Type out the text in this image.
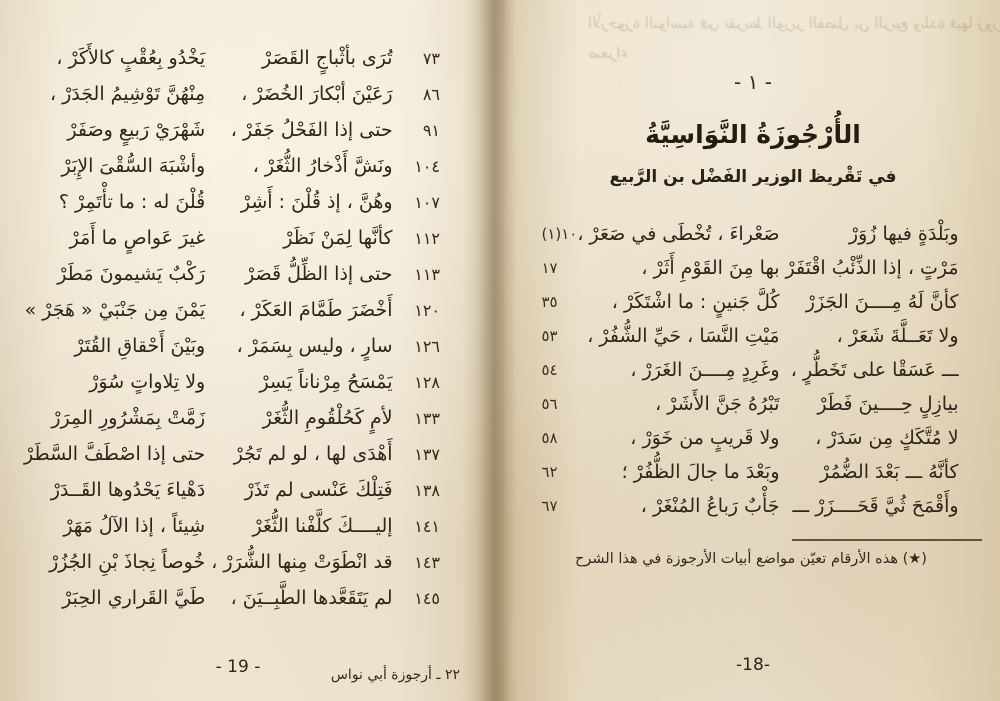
الأرجوزة النواسية في تقريظ الوزير الفضل بن الربيع وبلدة فيها زور صعراء
٧٣	تُرَى بأثْباجٍ القَصَرْ	يَخْدُو بِعُقْبٍ كالأَكَرْ ،
٨٦	رَعَيْنَ أبْكارَ الخُضَرْ ،	مِنْهُنَّ تَوْشِيمُ الجَدَرْ ،
٩١	حتى إذا الفَحْلُ جَفَرْ ،	شَهْرَيْ رَبيعٍ وصَفَرْ
١٠٤	ونَشَّ أَذْخارُ الثُّغَرْ ،	وأشْبَهَ السُّقْىَ الإِبَرْ
١٠٧	وهُنَّ ، إذ قُلْنَ : أَشِرْ	قُلْنَ له : ما تأْتَمِرْ ؟
١١٢	كأنَّها لِمَنْ نَظَرْ	غيرَ عَواصٍ ما أَمَرْ
١١٣	حتى إذا الظِّلُّ قَصَرْ	رَكْبٌ يَشيمونَ مَطَرْ
١٢٠	أَخْضَرَ طَمَّامَ العَكَرْ ،	يَمْنَ مِن جَنْبَيْ « هَجَرْ »
١٢٦	سارٍ ، وليس بِسَمَرْ ،	وبَيْنَ أَحْقاقِ القُتَرْ
١٢٨	يَمْسَحُ مِرْناناً يَسِرْ	ولا تِلاواتٍ سُوَرْ
١٣٣	لأمٍ كَحُلْقُومِ الثُّغَرْ	زَمَّتْ بِمَشْرُورِ المِرَرْ
١٣٧	أَهْدَى لها ، لو لم تَجُرْ	حتى إذا اصْطَفَّ السَّطَرْ
١٣٨	فَتِلْكَ عَنْسى لم تَذَرْ	دَهْياءَ يَحْدُوها القَــدَرْ
١٤١	إليــــكَ كلَّفْنا الثُّغَرْ	شِيئاً ، إذا الآلُ مَهَرْ
١٤٣	قد انْطَوَتْ مِنها الشُّرَرْ ،	خُوصاً نِجاذَ بْنِ الجُزُرْ
١٤٥	لم يَتَقَعَّدها الطَّبِــيَنَ ،	طَيَّ القَراري الحِبَرْ
- 19 -	٢٢ ـ أرجوزة أبي نواس
- ١ -
الأُرْجُوزَةُ النَّوَاسِيَّةُ
في تَقْريظ الوزير الفَضْل بن الرَّبيع
وبَلْدَةٍ فيها زُوَرْ	صَعْراءَ ، تُخْطَى في صَعَرْ ،	١٠(١)
مَرْتٍ ، إذا الذِّئْبُ اقْتَفَرْ	بها مِنَ القَوْمِ أَثَرْ ،	١٧
كأنَّ لَهُ مِــــنَ الجَزَرْ	كُلَّ جَنينٍ : ما اشْتَكَرْ ،	٣٥
ولا تَعَــلَّةَ شَعَرْ ،	مَيْتِ النَّسَا ، حَيِّ الشُّفُرْ ،	٥٣
ـــ عَسَقْا على تَخَطُّرٍ ،	وغَرِدٍ مِــــنَ الغَرَرْ ،	٥٤
بيازِلٍ حِــــينَ فَطَرْ	تَبْرُهُ جَنَّ الأَشَرْ ،	٥٦
لا مُتَّكَكٍ مِن سَدَرْ ،	ولا قَريبٍ من خَوَرْ ،	٥٨
كأنَّهُ ـــ بَعْدَ الضُّمُرْ	وبَعْدَ ما جالَ الظُّفُرْ ؛	٦٢
وأَقْمَحَ ثُيَّ قَحَــــزَرْ ـــ	جَأْبٌ رَباعُ المُنْغَرْ ،	٦٧
(★) هذه الأرقام تعيّن مواضع أبيات الأرجوزة في هذا الشرح
-18-
